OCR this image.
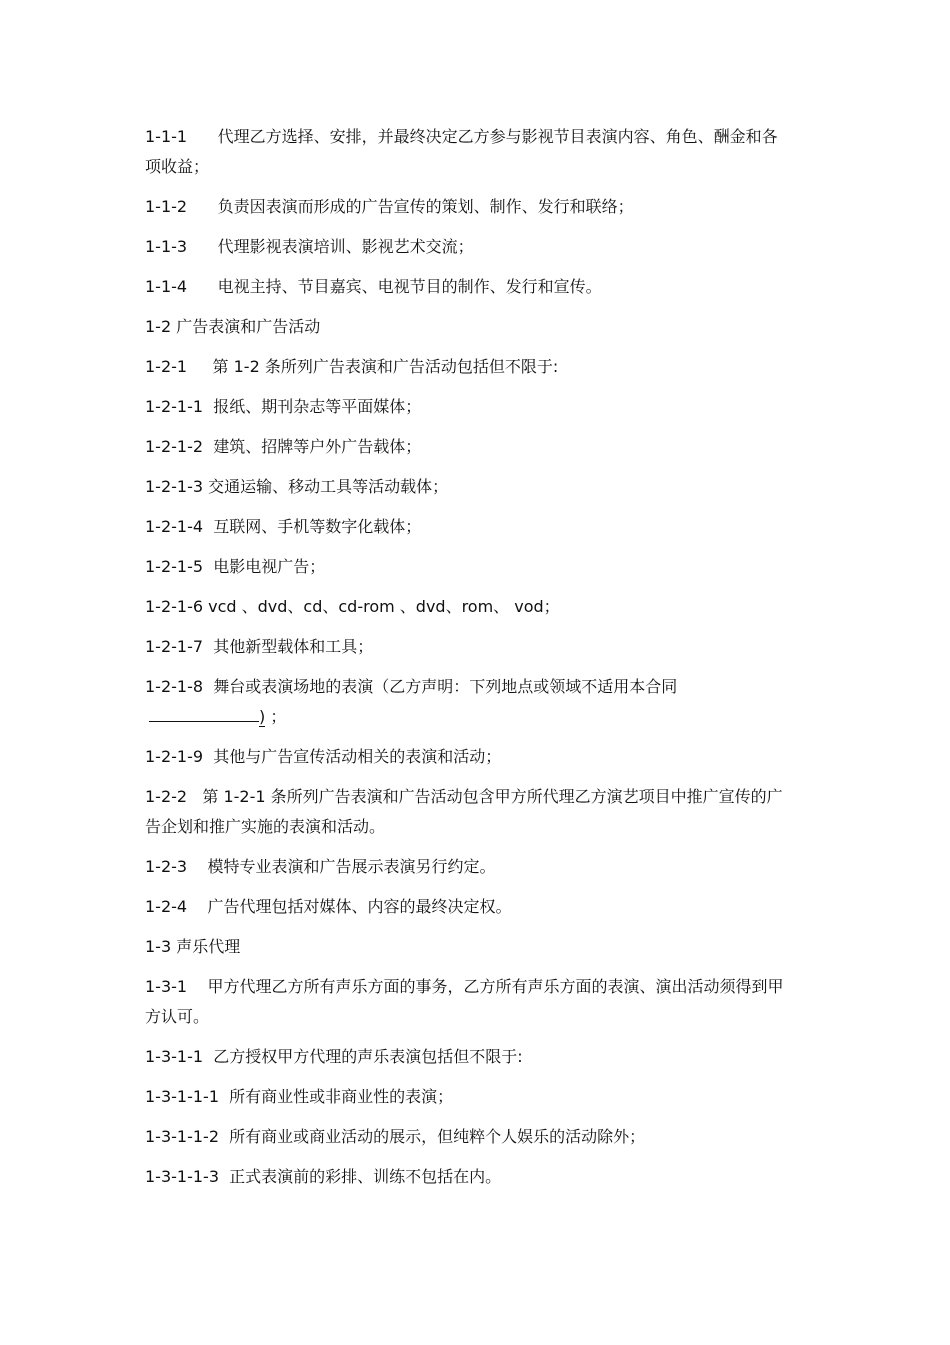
1-1-1 代理乙方选择、安排，并最终决定乙方参与影视节目表演内容、角色、酬金和各项收益；

1-1-2 负责因表演而形成的广告宣传的策划、制作、发行和联络；

1-1-3 代理影视表演培训、影视艺术交流；

1-1-4 电视主持、节目嘉宾、电视节目的制作、发行和宣传。

1-2 广告表演和广告活动

1-2-1 第 1-2 条所列广告表演和广告活动包括但不限于:

1-2-1-1 报纸、期刊杂志等平面媒体；

1-2-1-2 建筑、招牌等户外广告载体；

1-2-1-3 交通运输、移动工具等活动载体；

1-2-1-4 互联网、手机等数字化载体；

1-2-1-5 电影电视广告；

1-2-1-6 vcd 、dvd、cd、cd-rom 、dvd、rom、 vod；

1-2-1-7 其他新型载体和工具；

1-2-1-8 舞台或表演场地的表演（乙方声明：下列地点或领域不适用本合同) ；

1-2-1-9 其他与广告宣传活动相关的表演和活动；

1-2-2 第 1-2-1 条所列广告表演和广告活动包含甲方所代理乙方演艺项目中推广宣传的广告企划和推广实施的表演和活动。

1-2-3 模特专业表演和广告展示表演另行约定。

1-2-4 广告代理包括对媒体、内容的最终决定权。

1-3 声乐代理

1-3-1 甲方代理乙方所有声乐方面的事务，乙方所有声乐方面的表演、演出活动须得到甲方认可。

1-3-1-1 乙方授权甲方代理的声乐表演包括但不限于:

1-3-1-1-1 所有商业性或非商业性的表演；

1-3-1-1-2 所有商业或商业活动的展示，但纯粹个人娱乐的活动除外；

1-3-1-1-3 正式表演前的彩排、训练不包括在内。
